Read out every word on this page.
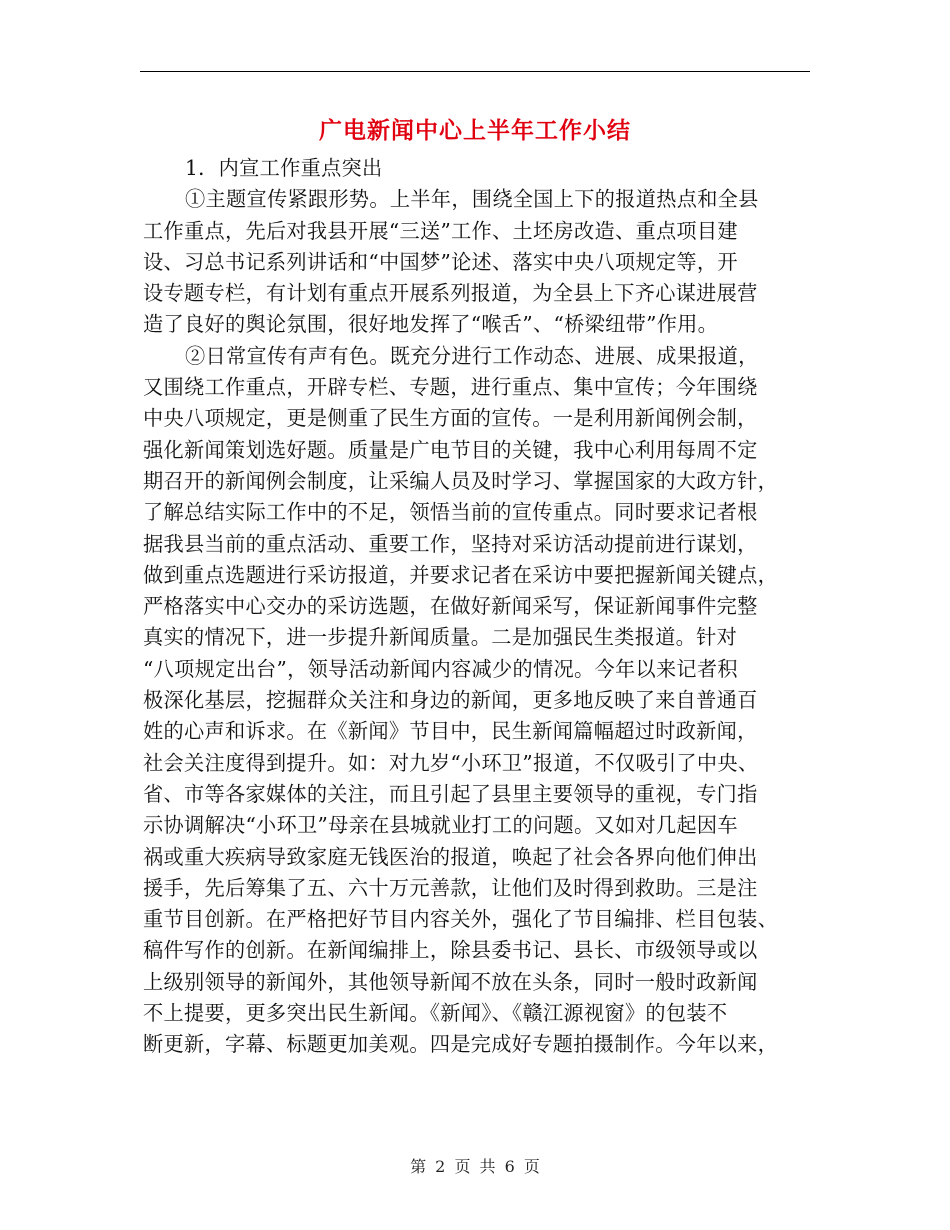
广电新闻中心上半年工作小结
1．内宣工作重点突出
①主题宣传紧跟形势。上半年，围绕全国上下的报道热点和全县
工作重点，先后对我县开展“三送”工作、土坯房改造、重点项目建
设、习总书记系列讲话和“中国梦”论述、落实中央八项规定等，开
设专题专栏，有计划有重点开展系列报道，为全县上下齐心谋进展营
造了良好的舆论氛围，很好地发挥了“喉舌”、“桥梁纽带”作用。
②日常宣传有声有色。既充分进行工作动态、进展、成果报道，
又围绕工作重点，开辟专栏、专题，进行重点、集中宣传；今年围绕
中央八项规定，更是侧重了民生方面的宣传。一是利用新闻例会制，
强化新闻策划选好题。质量是广电节目的关键，我中心利用每周不定
期召开的新闻例会制度，让采编人员及时学习、掌握国家的大政方针，
了解总结实际工作中的不足，领悟当前的宣传重点。同时要求记者根
据我县当前的重点活动、重要工作，坚持对采访活动提前进行谋划，
做到重点选题进行采访报道，并要求记者在采访中要把握新闻关键点，
严格落实中心交办的采访选题，在做好新闻采写，保证新闻事件完整
真实的情况下，进一步提升新闻质量。二是加强民生类报道。针对
“八项规定出台”，领导活动新闻内容减少的情况。今年以来记者积
极深化基层，挖掘群众关注和身边的新闻，更多地反映了来自普通百
姓的心声和诉求。在《新闻》节目中，民生新闻篇幅超过时政新闻，
社会关注度得到提升。如：对九岁“小环卫”报道，不仅吸引了中央、
省、市等各家媒体的关注，而且引起了县里主要领导的重视，专门指
示协调解决“小环卫”母亲在县城就业打工的问题。又如对几起因车
祸或重大疾病导致家庭无钱医治的报道，唤起了社会各界向他们伸出
援手，先后筹集了五、六十万元善款，让他们及时得到救助。三是注
重节目创新。在严格把好节目内容关外，强化了节目编排、栏目包装、
稿件写作的创新。在新闻编排上，除县委书记、县长、市级领导或以
上级别领导的新闻外，其他领导新闻不放在头条，同时一般时政新闻
不上提要，更多突出民生新闻。《新闻》、《赣江源视窗》的包装不
断更新，字幕、标题更加美观。四是完成好专题拍摄制作。今年以来，
第 2 页 共 6 页
